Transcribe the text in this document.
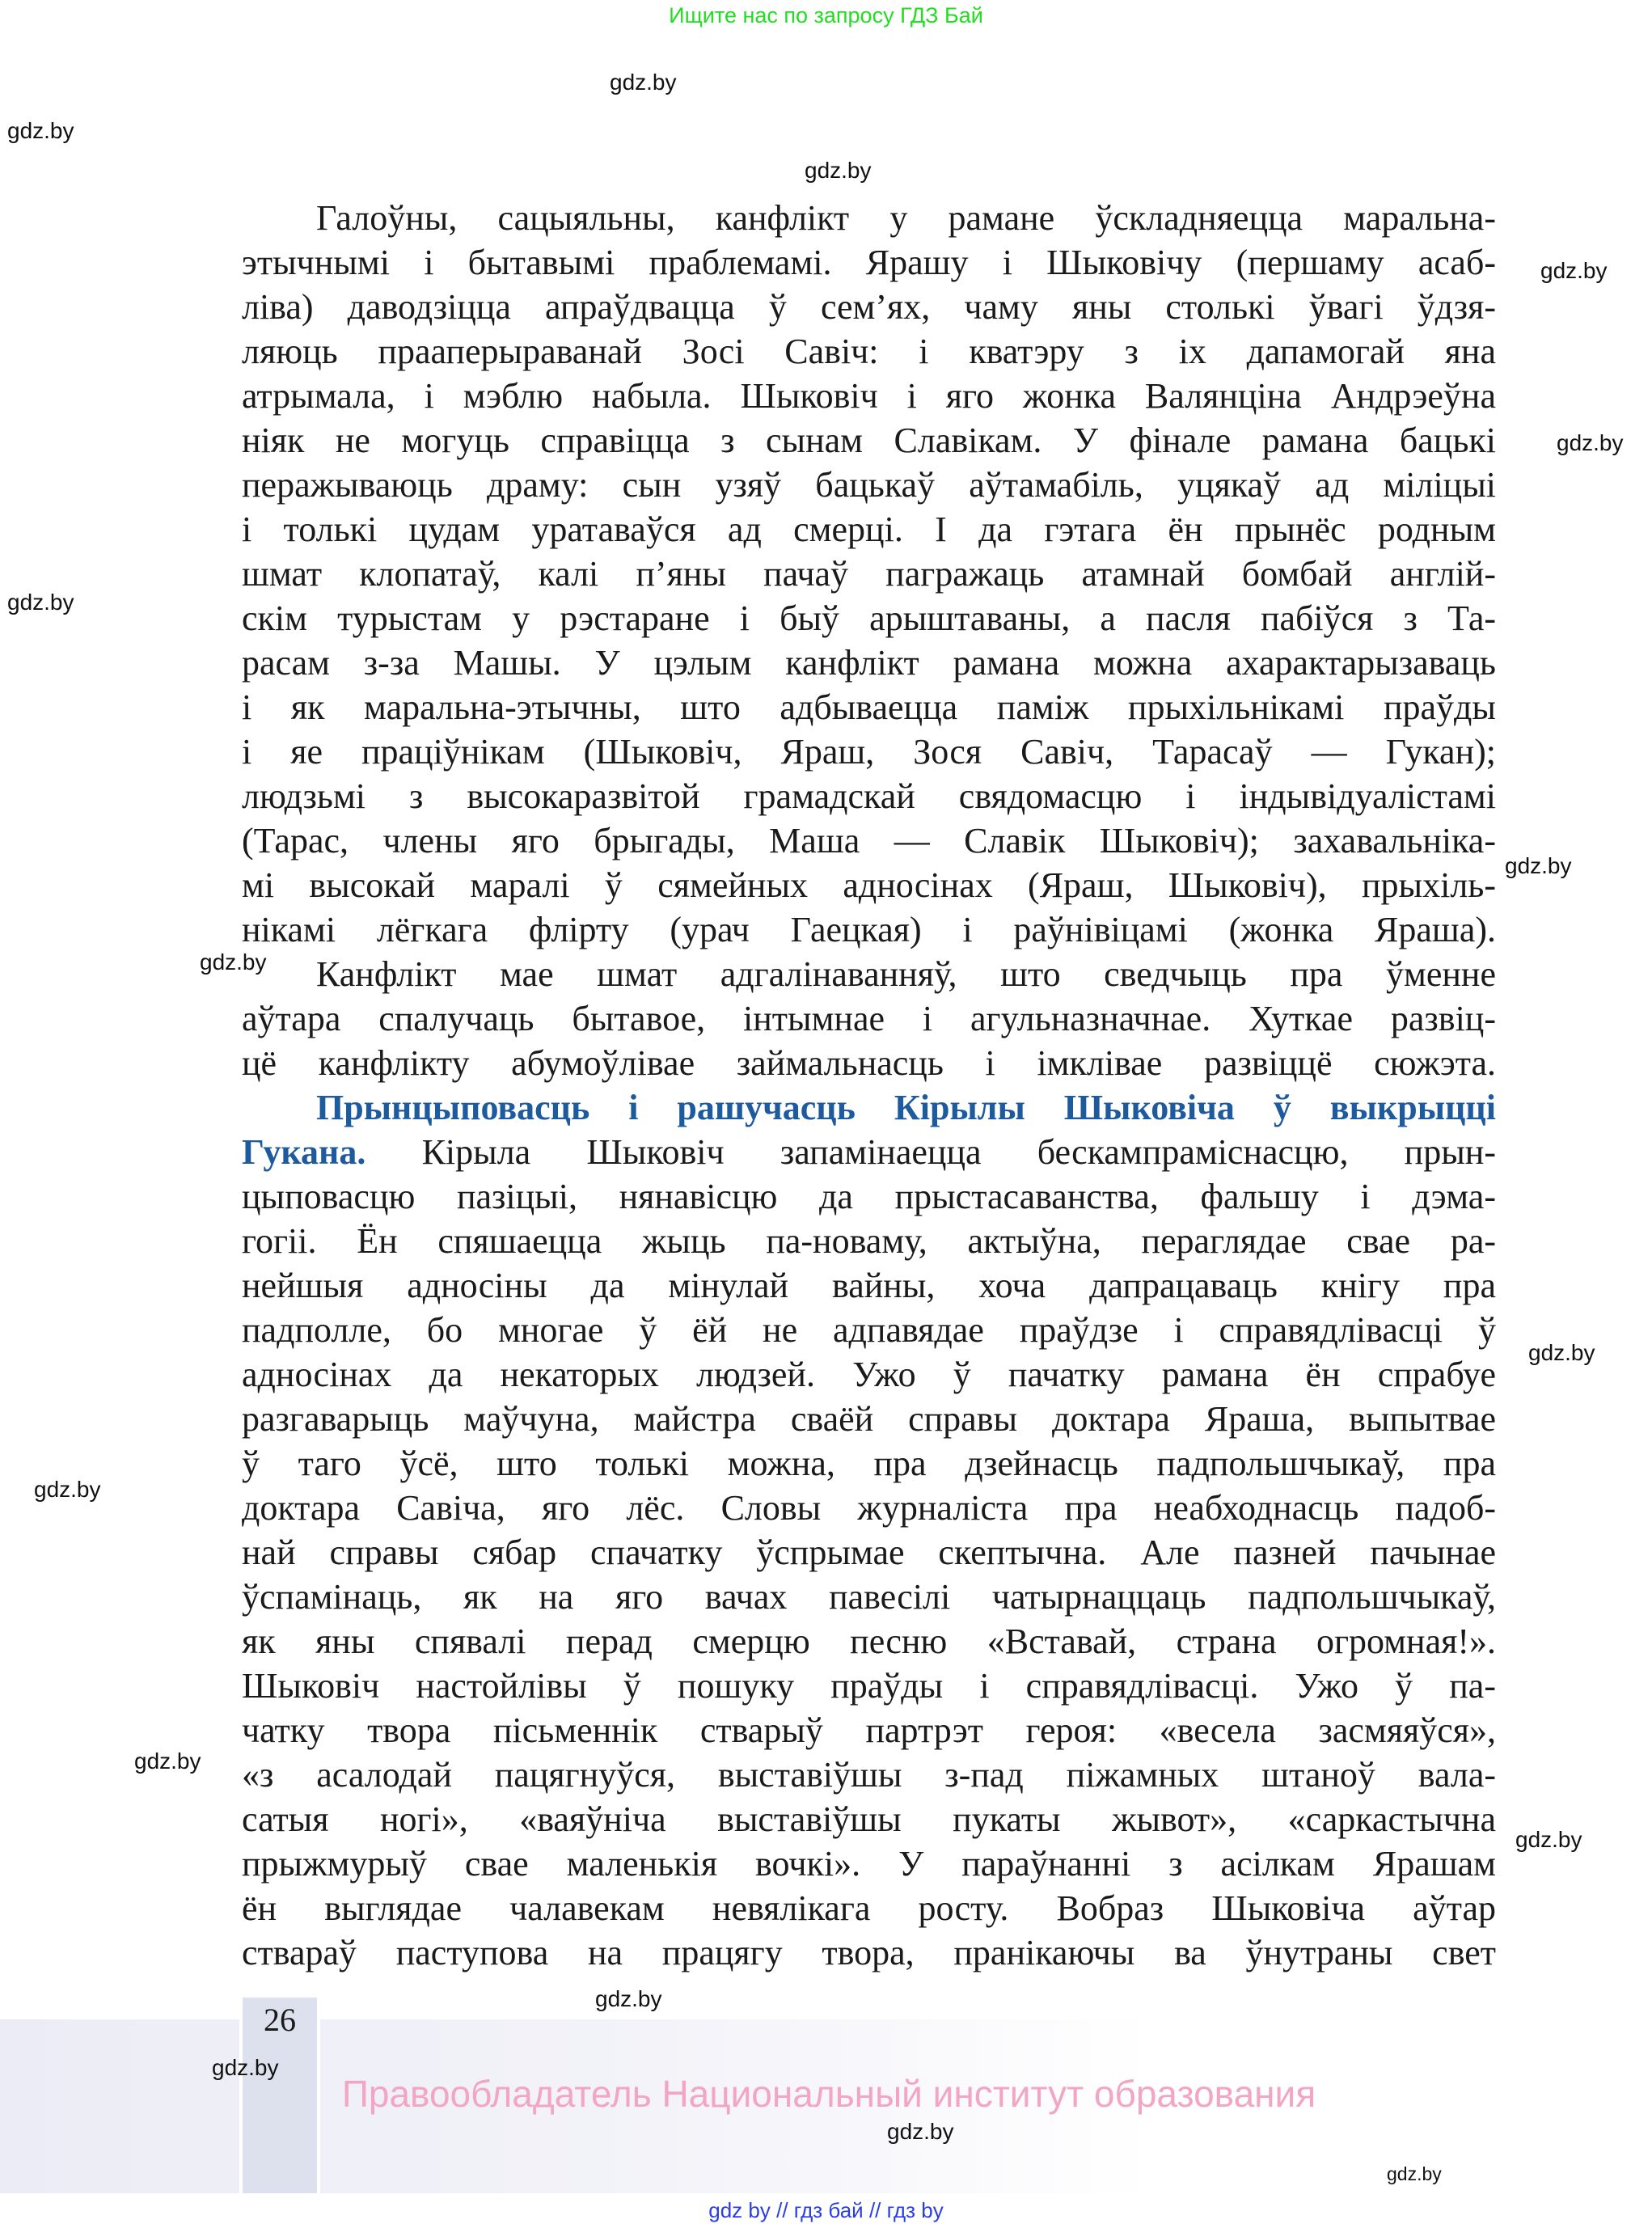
Ищите нас по запросу ГДЗ Бай
gdz.by
gdz.by
gdz.by
gdz.by
gdz.by
gdz.by
gdz.by
gdz.by
gdz.by
gdz.by
gdz.by
gdz.by
26
gdz.by
gdz.by
Правообладатель Национальный институт образования
gdz.by
gdz.by
gdz by // гдз бай // гдз by
Галоўны, сацыяльны, канфлікт у рамане ўскладняецца маральна-
этычнымі і бытавымі праблемамі. Ярашу і Шыковічу (першаму асаб-
ліва) даводзіцца апраўдвацца ў сем’ях, чаму яны столькі ўвагі ўдзя-
ляюць прааперыраванай Зосі Савіч: і кватэру з іх дапамогай яна
атрымала, і мэблю набыла. Шыковіч і яго жонка Валянціна Андрэеўна
ніяк не могуць справіцца з сынам Славікам. У фінале рамана бацькі
перажываюць драму: сын узяў бацькаў аўтамабіль, уцякаў ад міліцыі
і толькі цудам уратаваўся ад смерці. І да гэтага ён прынёс родным
шмат клопатаў, калі п’яны пачаў пагражаць атамнай бомбай англій-
скім турыстам у рэстаране і быў арыштаваны, а пасля пабіўся з Та-
расам з-за Машы. У цэлым канфлікт рамана можна ахарактарызаваць
і як маральна-этычны, што адбываецца паміж прыхільнікамі праўды
і яе праціўнікам (Шыковіч, Яраш, Зося Савіч, Тарасаў — Гукан);
людзьмі з высокаразвітой грамадскай свядомасцю і індывідуалістамі
(Тарас, члены яго брыгады, Маша — Славік Шыковіч); захавальніка-
мі высокай маралі ў сямейных адносінах (Яраш, Шыковіч), прыхіль-
нікамі лёгкага флірту (урач Гаецкая) і раўнівіцамі (жонка Яраша).
Канфлікт мае шмат адгалінаванняў, што сведчыць пра ўменне
аўтара спалучаць бытавое, інтымнае і агульназначнае. Хуткае развіц-
цё канфлікту абумоўлівае займальнасць і імклівае развіццё сюжэта.
Прынцыповасць і рашучасць Кірылы Шыковіча ў выкрыцці
Гукана. Кірыла Шыковіч запамінаецца бескампраміснасцю, прын-
цыповасцю пазіцыі, нянавісцю да прыстасаванства, фальшу і дэма-
гогіі. Ён спяшаецца жыць па-новаму, актыўна, пераглядае свае ра-
нейшыя адносіны да мінулай вайны, хоча дапрацаваць кнігу пра
падполле, бо многае ў ёй не адпавядае праўдзе і справядлівасці ў
адносінах да некаторых людзей. Ужо ў пачатку рамана ён спрабуе
разгаварыць маўчуна, майстра сваёй справы доктара Яраша, выпытвае
ў таго ўсё, што толькі можна, пра дзейнасць падпольшчыкаў, пра
доктара Савіча, яго лёс. Словы журналіста пра неабходнасць падоб-
най справы сябар спачатку ўспрымае скептычна. Але пазней пачынае
ўспамінаць, як на яго вачах павесілі чатырнаццаць падпольшчыкаў,
як яны спявалі перад смерцю песню «Вставай, страна огромная!».
Шыковіч настойлівы ў пошуку праўды і справядлівасці. Ужо ў па-
чатку твора пісьменнік стварыў партрэт героя: «весела засмяяўся»,
«з асалодай пацягнуўся, выставіўшы з-пад піжамных штаноў вала-
сатыя ногі», «ваяўніча выставіўшы пукаты жывот», «саркастычна
прыжмурыў свае маленькія вочкі». У параўнанні з асілкам Ярашам
ён выглядае чалавекам невялікага росту. Вобраз Шыковіча аўтар
ствараў паступова на працягу твора, пранікаючы ва ўнутраны свет
